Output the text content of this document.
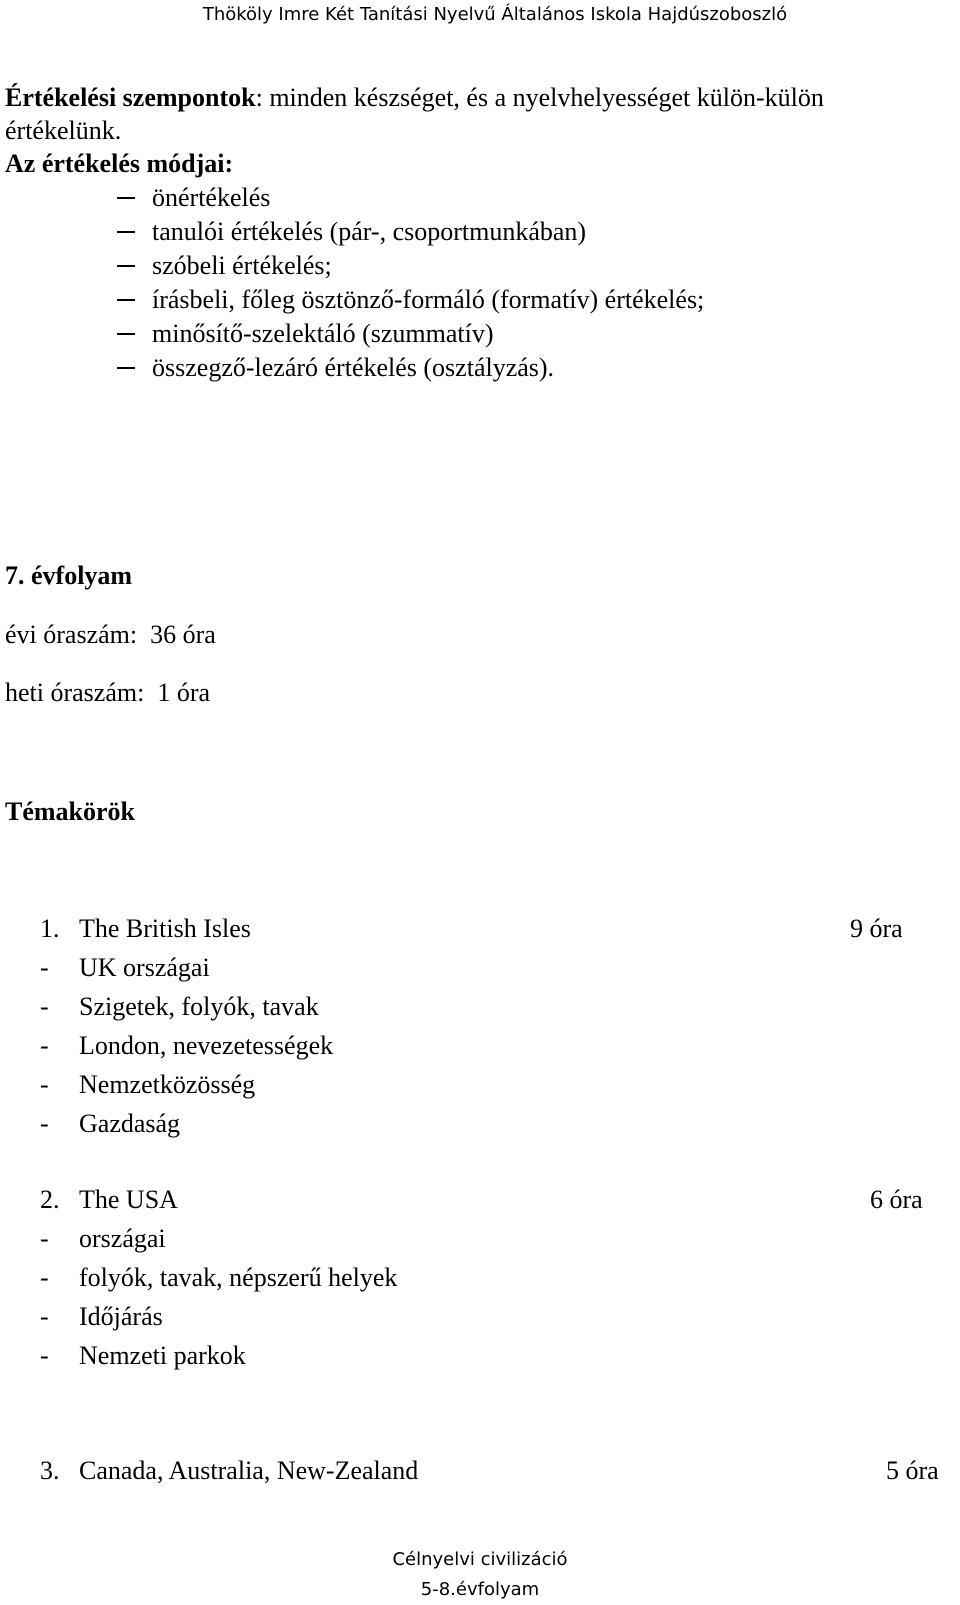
Thököly Imre Két Tanítási Nyelvű Általános Iskola Hajdúszoboszló
Értékelési szempontok: minden készséget, és a nyelvhelyességet külön-külön
értékelünk.
Az értékelés módjai:
önértékelés
tanulói értékelés (pár-, csoportmunkában)
szóbeli értékelés;
írásbeli, főleg ösztönző-formáló (formatív) értékelés;
minősítő-szelektáló (szummatív)
összegző-lezáró értékelés (osztályzás).
7. évfolyam
évi óraszám:  36 óra
heti óraszám:  1 óra
Témakörök
1. The British Isles	9 óra
- UK országai
- Szigetek, folyók, tavak
- London, nevezetességek
- Nemzetközösség
- Gazdaság
2. The USA	6 óra
- országai
- folyók, tavak, népszerű helyek
- Időjárás
- Nemzeti parkok
3. Canada, Australia, New-Zealand	5 óra
Célnyelvi civilizáció
5-8.évfolyam
